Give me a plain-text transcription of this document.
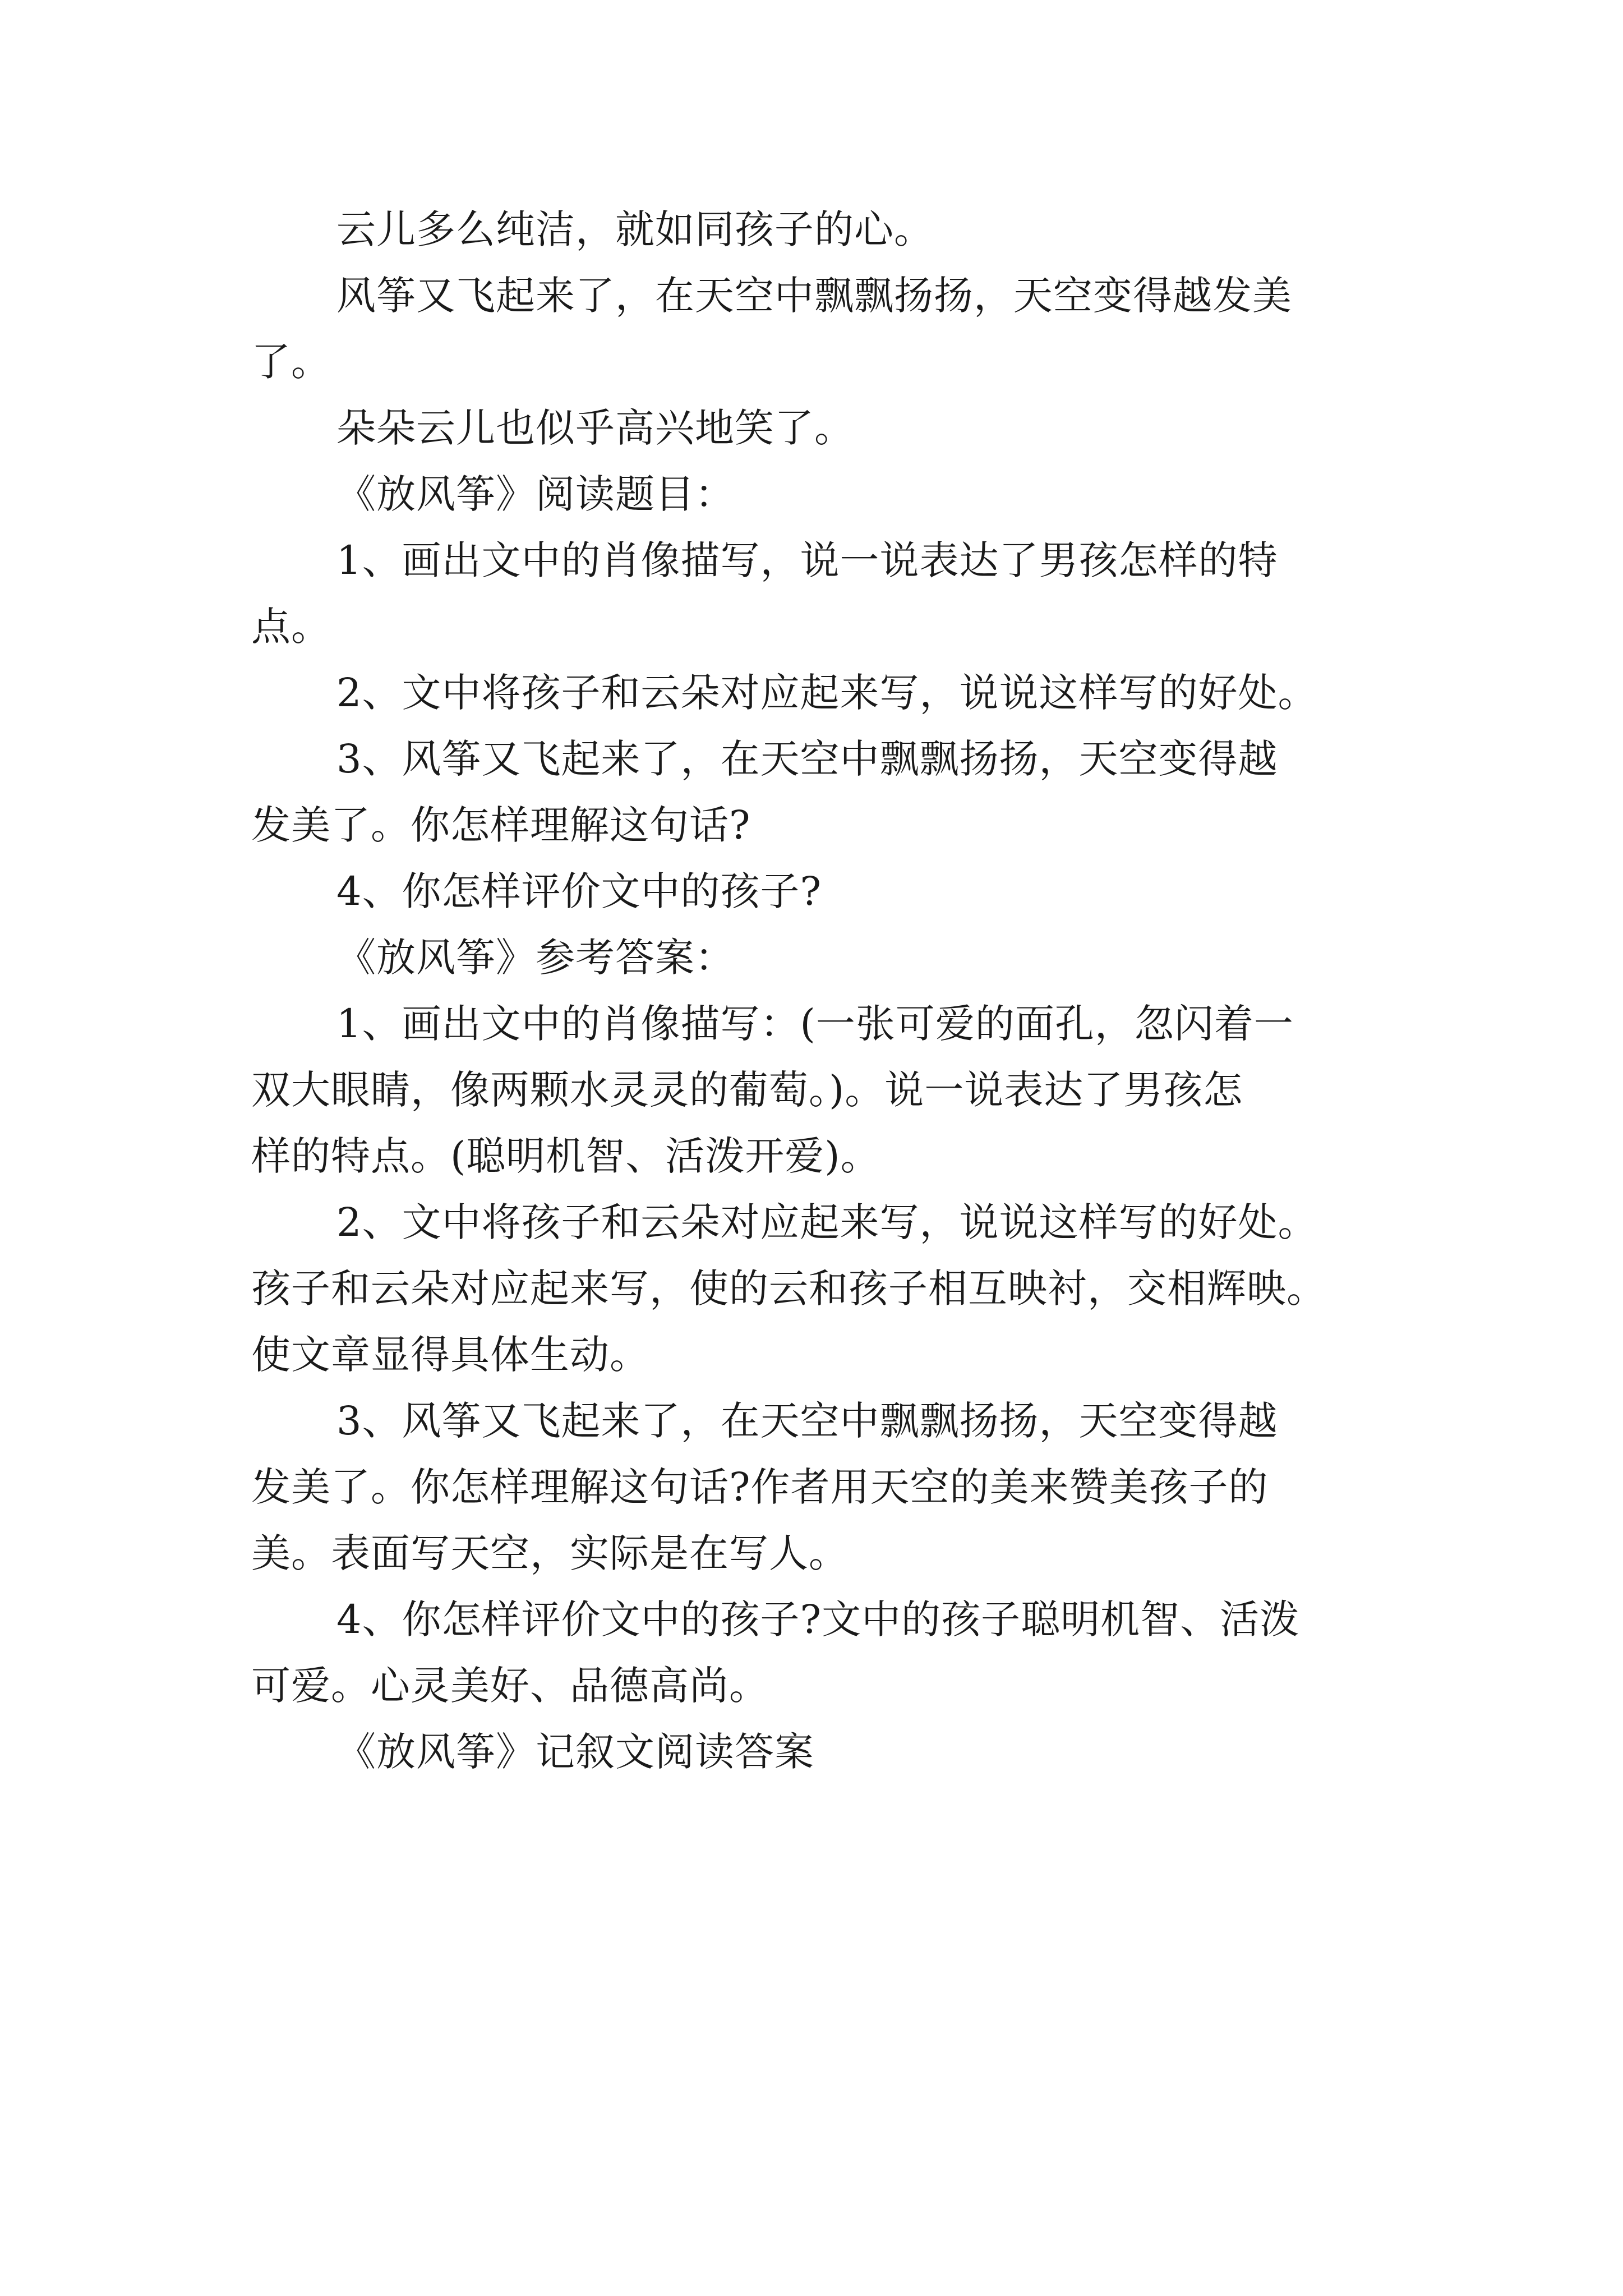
云儿多么纯洁，就如同孩子的心。
风筝又飞起来了，在天空中飘飘扬扬，天空变得越发美
了。
朵朵云儿也似乎高兴地笑了。
《放风筝》阅读题目：
1、画出文中的肖像描写，说一说表达了男孩怎样的特
点。
2、文中将孩子和云朵对应起来写，说说这样写的好处。
3、风筝又飞起来了，在天空中飘飘扬扬，天空变得越
发美了。你怎样理解这句话?
4、你怎样评价文中的孩子?
《放风筝》参考答案：
1、画出文中的肖像描写：(一张可爱的面孔，忽闪着一
双大眼睛，像两颗水灵灵的葡萄。)。说一说表达了男孩怎
样的特点。(聪明机智、活泼开爱)。
2、文中将孩子和云朵对应起来写，说说这样写的好处。
孩子和云朵对应起来写，使的云和孩子相互映衬，交相辉映。
使文章显得具体生动。
3、风筝又飞起来了，在天空中飘飘扬扬，天空变得越
发美了。你怎样理解这句话?作者用天空的美来赞美孩子的
美。表面写天空，实际是在写人。
4、你怎样评价文中的孩子?文中的孩子聪明机智、活泼
可爱。心灵美好、品德高尚。
《放风筝》记叙文阅读答案
